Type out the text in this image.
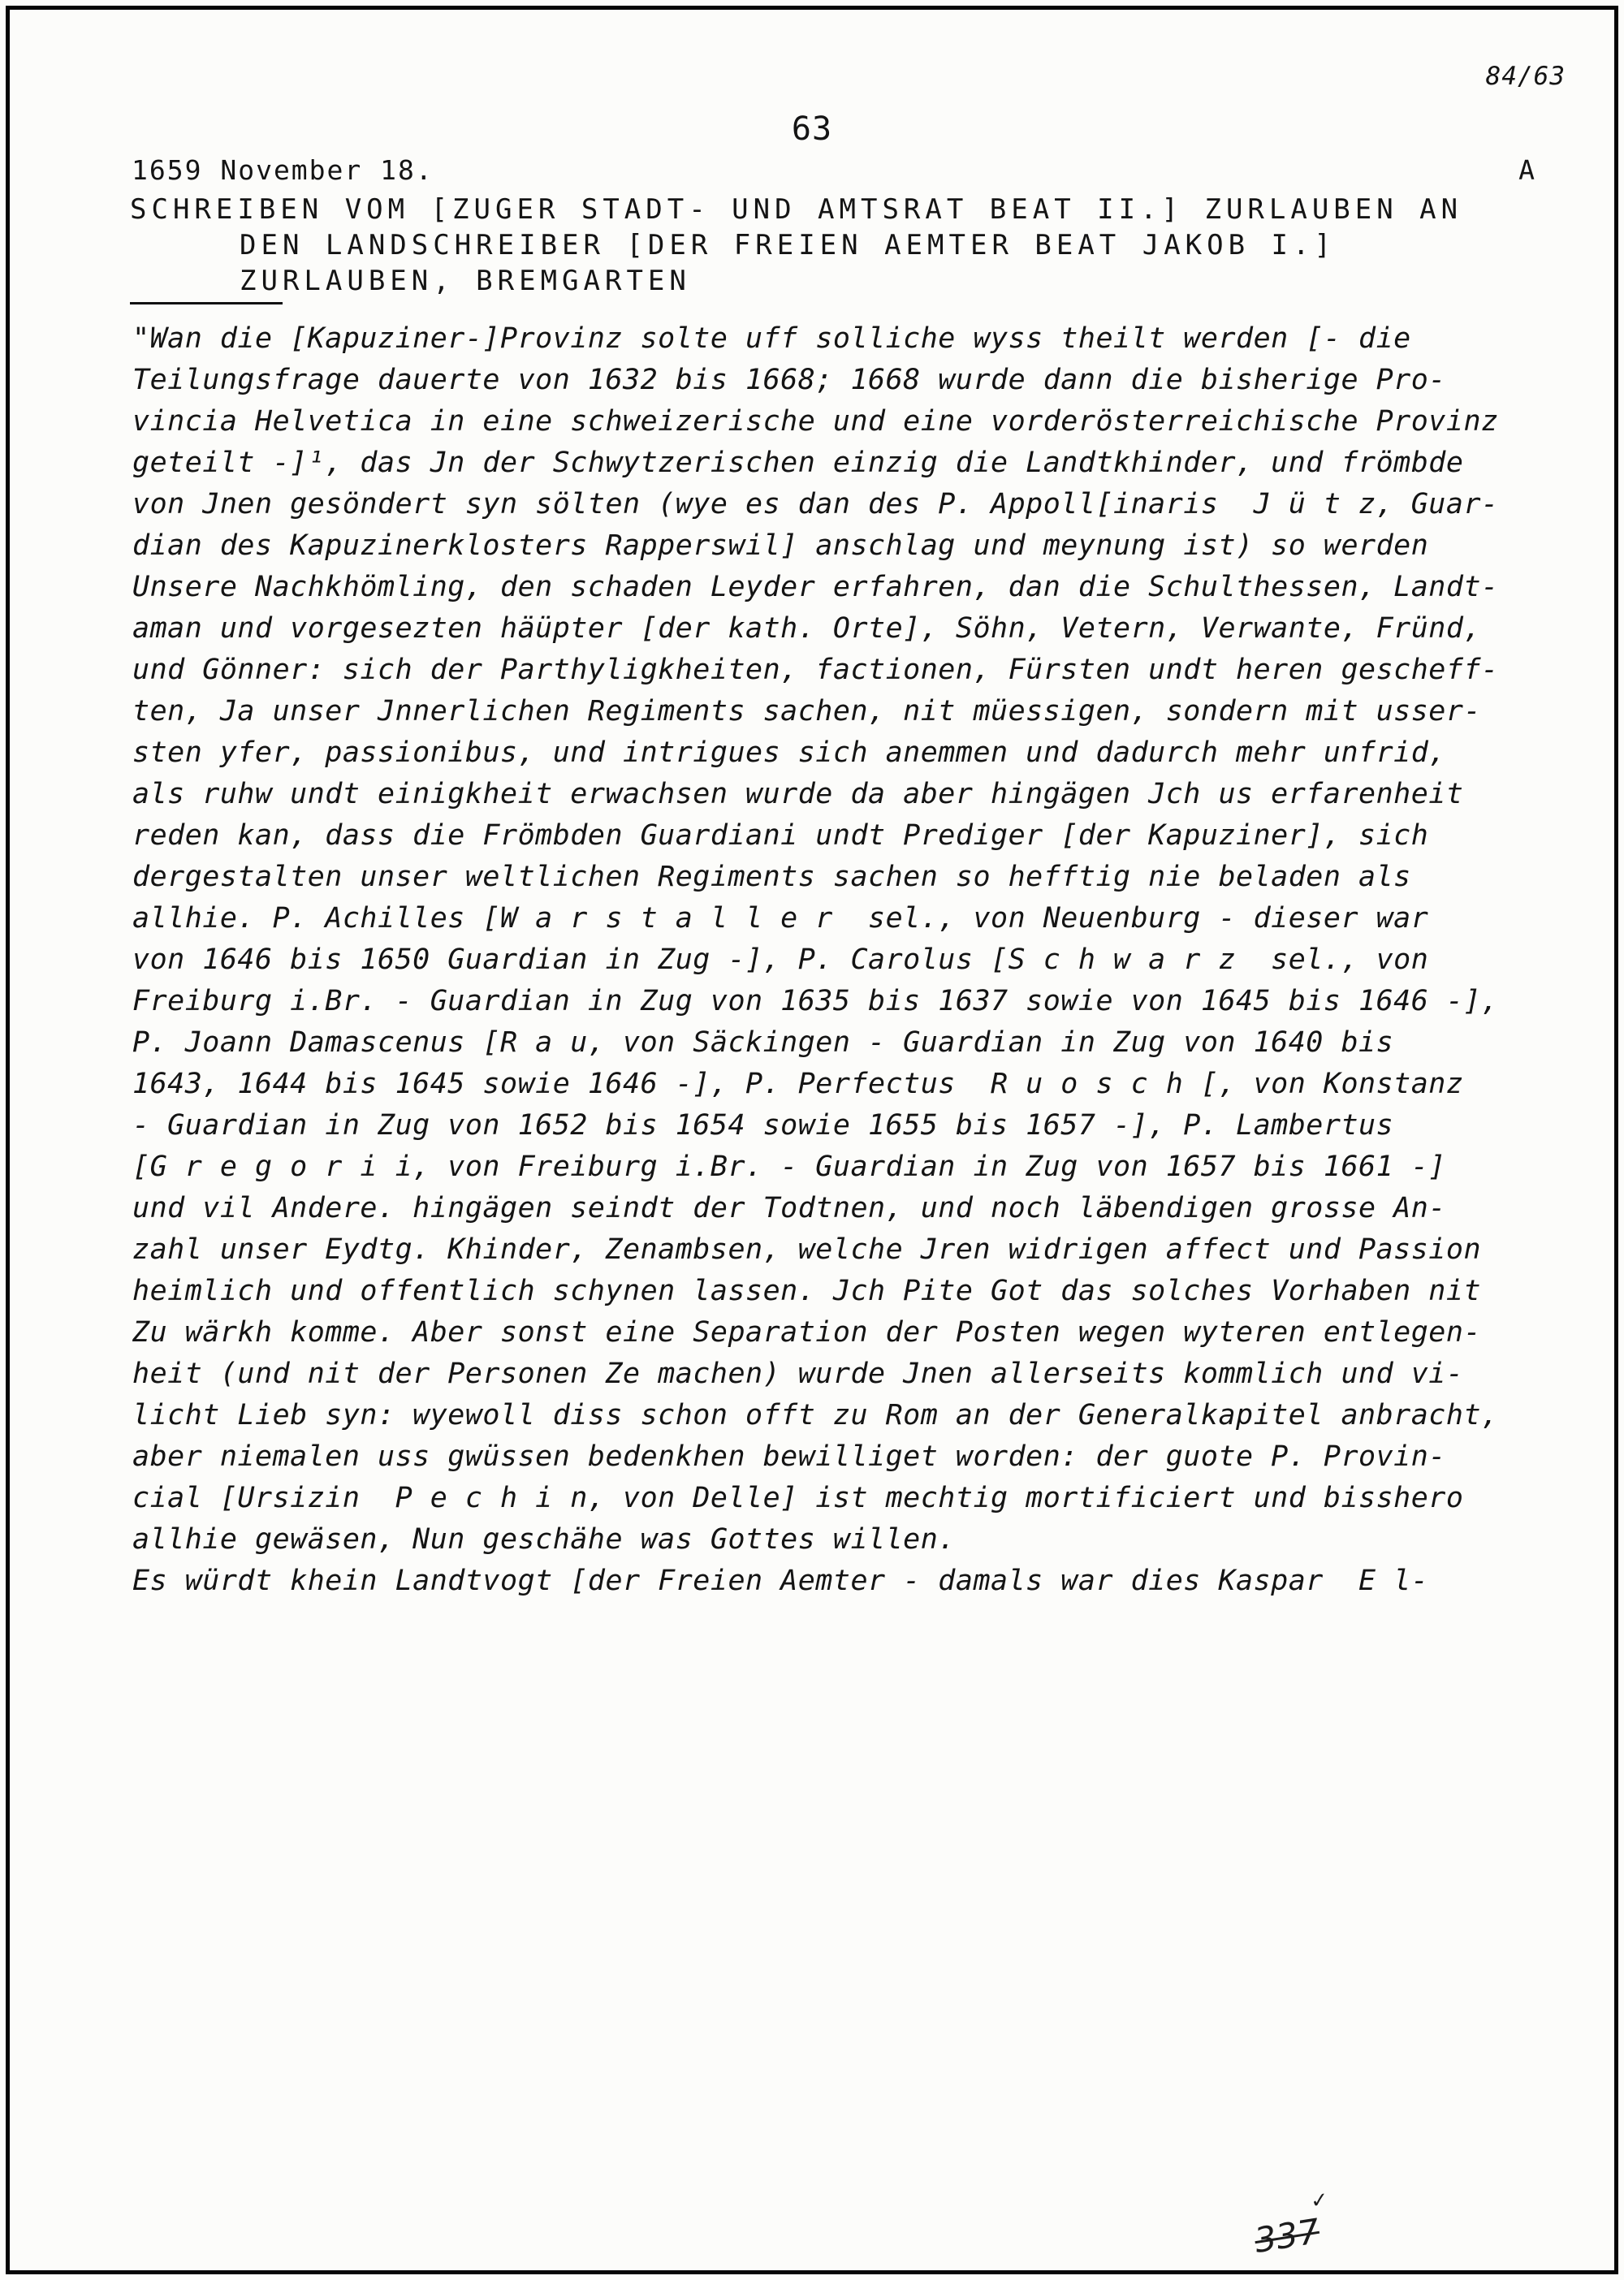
84/63
63
1659 November 18.	A
SCHREIBEN VOM [ZUGER STADT- UND AMTSRAT BEAT II.] ZURLAUBEN AN
DEN LANDSCHREIBER [DER FREIEN AEMTER BEAT JAKOB I.]
ZURLAUBEN, BREMGARTEN
"Wan die [Kapuziner-]Provinz solte uff solliche wyss theilt werden [- die
Teilungsfrage dauerte von 1632 bis 1668; 1668 wurde dann die bisherige Pro-
vincia Helvetica in eine schweizerische und eine vorderösterreichische Provinz
geteilt -]¹, das Jn der Schwytzerischen einzig die Landtkhinder, und frömbde
von Jnen gesöndert syn sölten (wye es dan des P. Appoll[inaris  J ü t z, Guar-
dian des Kapuzinerklosters Rapperswil] anschlag und meynung ist) so werden
Unsere Nachkhömling, den schaden Leyder erfahren, dan die Schulthessen, Landt-
aman und vorgesezten häüpter [der kath. Orte], Söhn, Vetern, Verwante, Fründ,
und Gönner: sich der Parthyligkheiten, factionen, Fürsten undt heren gescheff-
ten, Ja unser Jnnerlichen Regiments sachen, nit müessigen, sondern mit usser-
sten yfer, passionibus, und intrigues sich anemmen und dadurch mehr unfrid,
als ruhw undt einigkheit erwachsen wurde da aber hingägen Jch us erfarenheit
reden kan, dass die Frömbden Guardiani undt Prediger [der Kapuziner], sich
dergestalten unser weltlichen Regiments sachen so hefftig nie beladen als
allhie. P. Achilles [W a r s t a l l e r  sel., von Neuenburg - dieser war
von 1646 bis 1650 Guardian in Zug -], P. Carolus [S c h w a r z  sel., von
Freiburg i.Br. - Guardian in Zug von 1635 bis 1637 sowie von 1645 bis 1646 -],
P. Joann Damascenus [R a u, von Säckingen - Guardian in Zug von 1640 bis
1643, 1644 bis 1645 sowie 1646 -], P. Perfectus  R u o s c h [, von Konstanz
- Guardian in Zug von 1652 bis 1654 sowie 1655 bis 1657 -], P. Lambertus
[G r e g o r i i, von Freiburg i.Br. - Guardian in Zug von 1657 bis 1661 -]
und vil Andere. hingägen seindt der Todtnen, und noch läbendigen grosse An-
zahl unser Eydtg. Khinder, Zenambsen, welche Jren widrigen affect und Passion
heimlich und offentlich schynen lassen. Jch Pite Got das solches Vorhaben nit
Zu wärkh komme. Aber sonst eine Separation der Posten wegen wyteren entlegen-
heit (und nit der Personen Ze machen) wurde Jnen allerseits kommlich und vi-
licht Lieb syn: wyewoll diss schon offt zu Rom an der Generalkapitel anbracht,
aber niemalen uss gwüssen bedenkhen bewilliget worden: der guote P. Provin-
cial [Ursizin  P e c h i n, von Delle] ist mechtig mortificiert und bisshero
allhie gewäsen, Nun geschähe was Gottes willen.
Es würdt khein Landtvogt [der Freien Aemter - damals war dies Kaspar  E l-
✓
337
